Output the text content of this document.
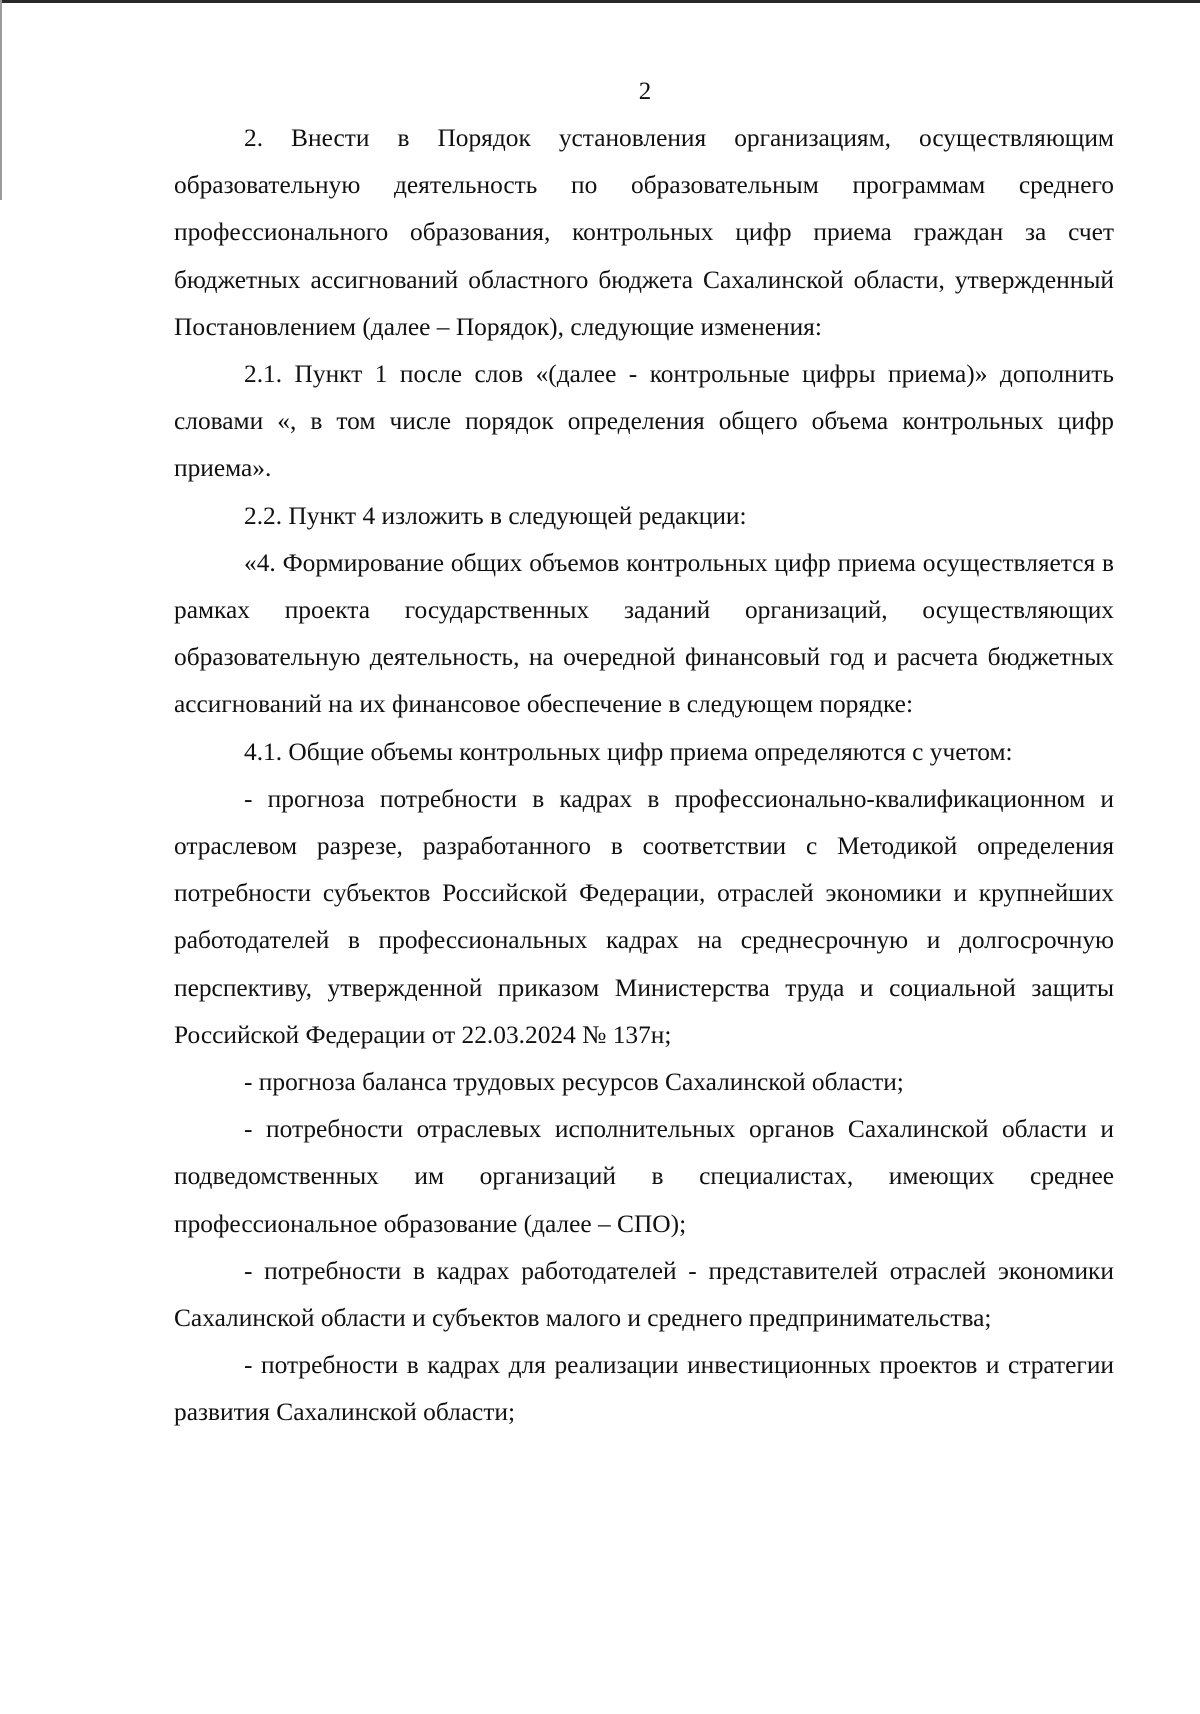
2

2. Внести в Порядок установления организациям, осуществляющим образовательную деятельность по образовательным программам среднего профессионального образования, контрольных цифр приема граждан за счет бюджетных ассигнований областного бюджета Сахалинской области, утвержденный Постановлением (далее – Порядок), следующие изменения:

2.1. Пункт 1 после слов «(далее - контрольные цифры приема)» дополнить словами «, в том числе порядок определения общего объема контрольных цифр приема».

2.2. Пункт 4 изложить в следующей редакции:

«4. Формирование общих объемов контрольных цифр приема осуществляется в рамках проекта государственных заданий организаций, осуществляющих образовательную деятельность, на очередной финансовый год и расчета бюджетных ассигнований на их финансовое обеспечение в следующем порядке:

4.1. Общие объемы контрольных цифр приема определяются с учетом:

- прогноза потребности в кадрах в профессионально-квалификационном и отраслевом разрезе, разработанного в соответствии с Методикой определения потребности субъектов Российской Федерации, отраслей экономики и крупнейших работодателей в профессиональных кадрах на среднесрочную и долгосрочную перспективу, утвержденной приказом Министерства труда и социальной защиты Российской Федерации от 22.03.2024 № 137н;

- прогноза баланса трудовых ресурсов Сахалинской области;

- потребности отраслевых исполнительных органов Сахалинской области и подведомственных им организаций в специалистах, имеющих среднее профессиональное образование (далее – СПО);

- потребности в кадрах работодателей - представителей отраслей экономики Сахалинской области и субъектов малого и среднего предпринимательства;

- потребности в кадрах для реализации инвестиционных проектов и стратегии развития Сахалинской области;
